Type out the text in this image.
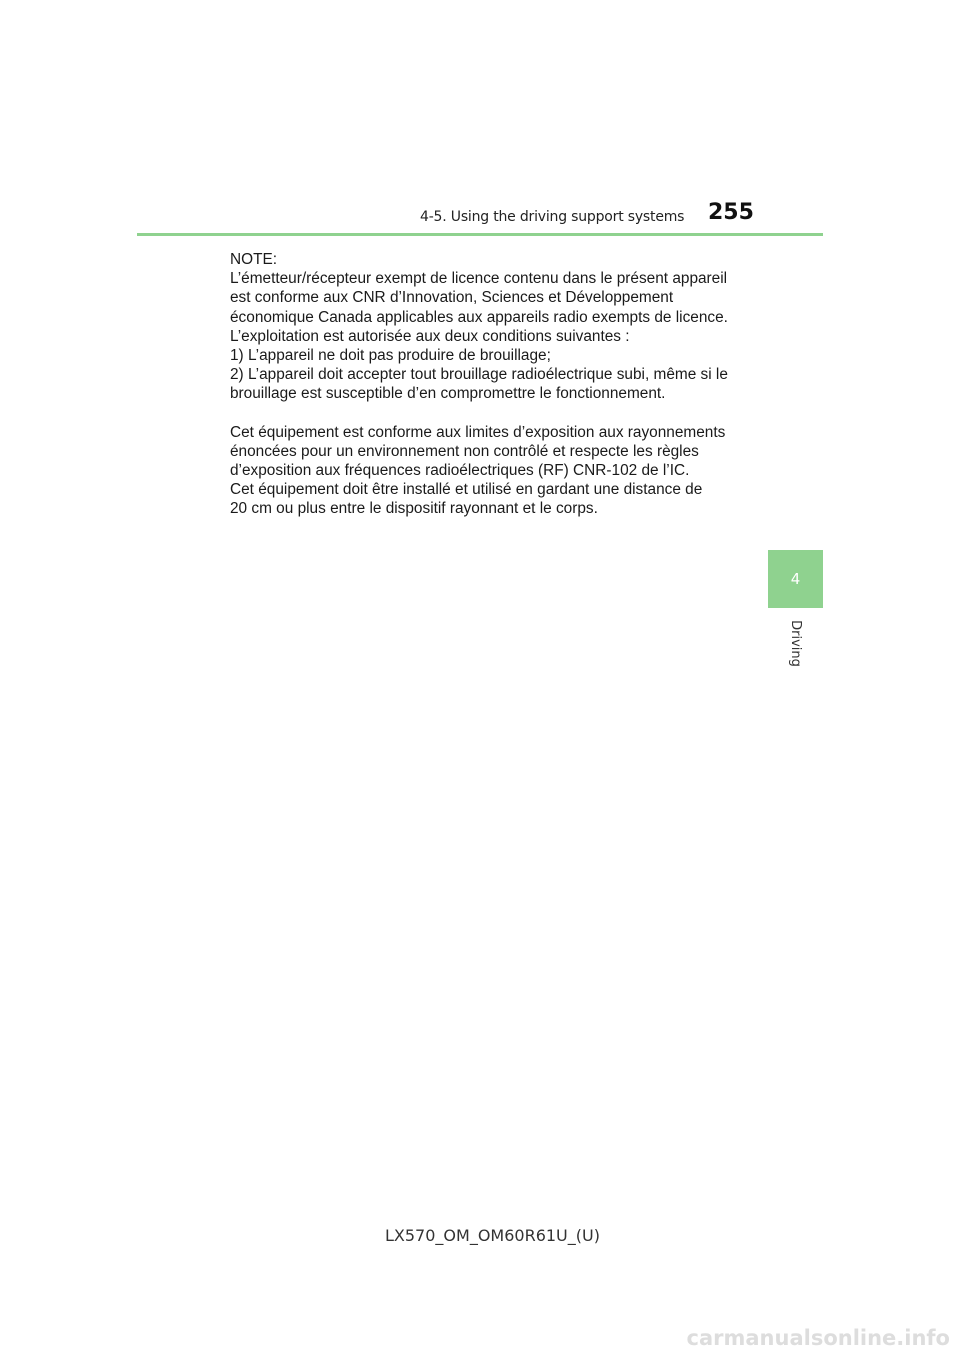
4-5. Using the driving support systems 255
NOTE:
L’émetteur/récepteur exempt de licence contenu dans le présent appareil
est conforme aux CNR d’Innovation, Sciences et Développement
économique Canada applicables aux appareils radio exempts de licence.
L’exploitation est autorisée aux deux conditions suivantes :
1) L’appareil ne doit pas produire de brouillage;
2) L’appareil doit accepter tout brouillage radioélectrique subi, même si le
brouillage est susceptible d’en compromettre le fonctionnement.
Cet équipement est conforme aux limites d’exposition aux rayonnements
énoncées pour un environnement non contrôlé et respecte les règles
d’exposition aux fréquences radioélectriques (RF) CNR-102 de l’IC.
Cet équipement doit être installé et utilisé en gardant une distance de
20 cm ou plus entre le dispositif rayonnant et le corps.
4
Driving
LX570_OM_OM60R61U_(U)
carmanualsonline.info
